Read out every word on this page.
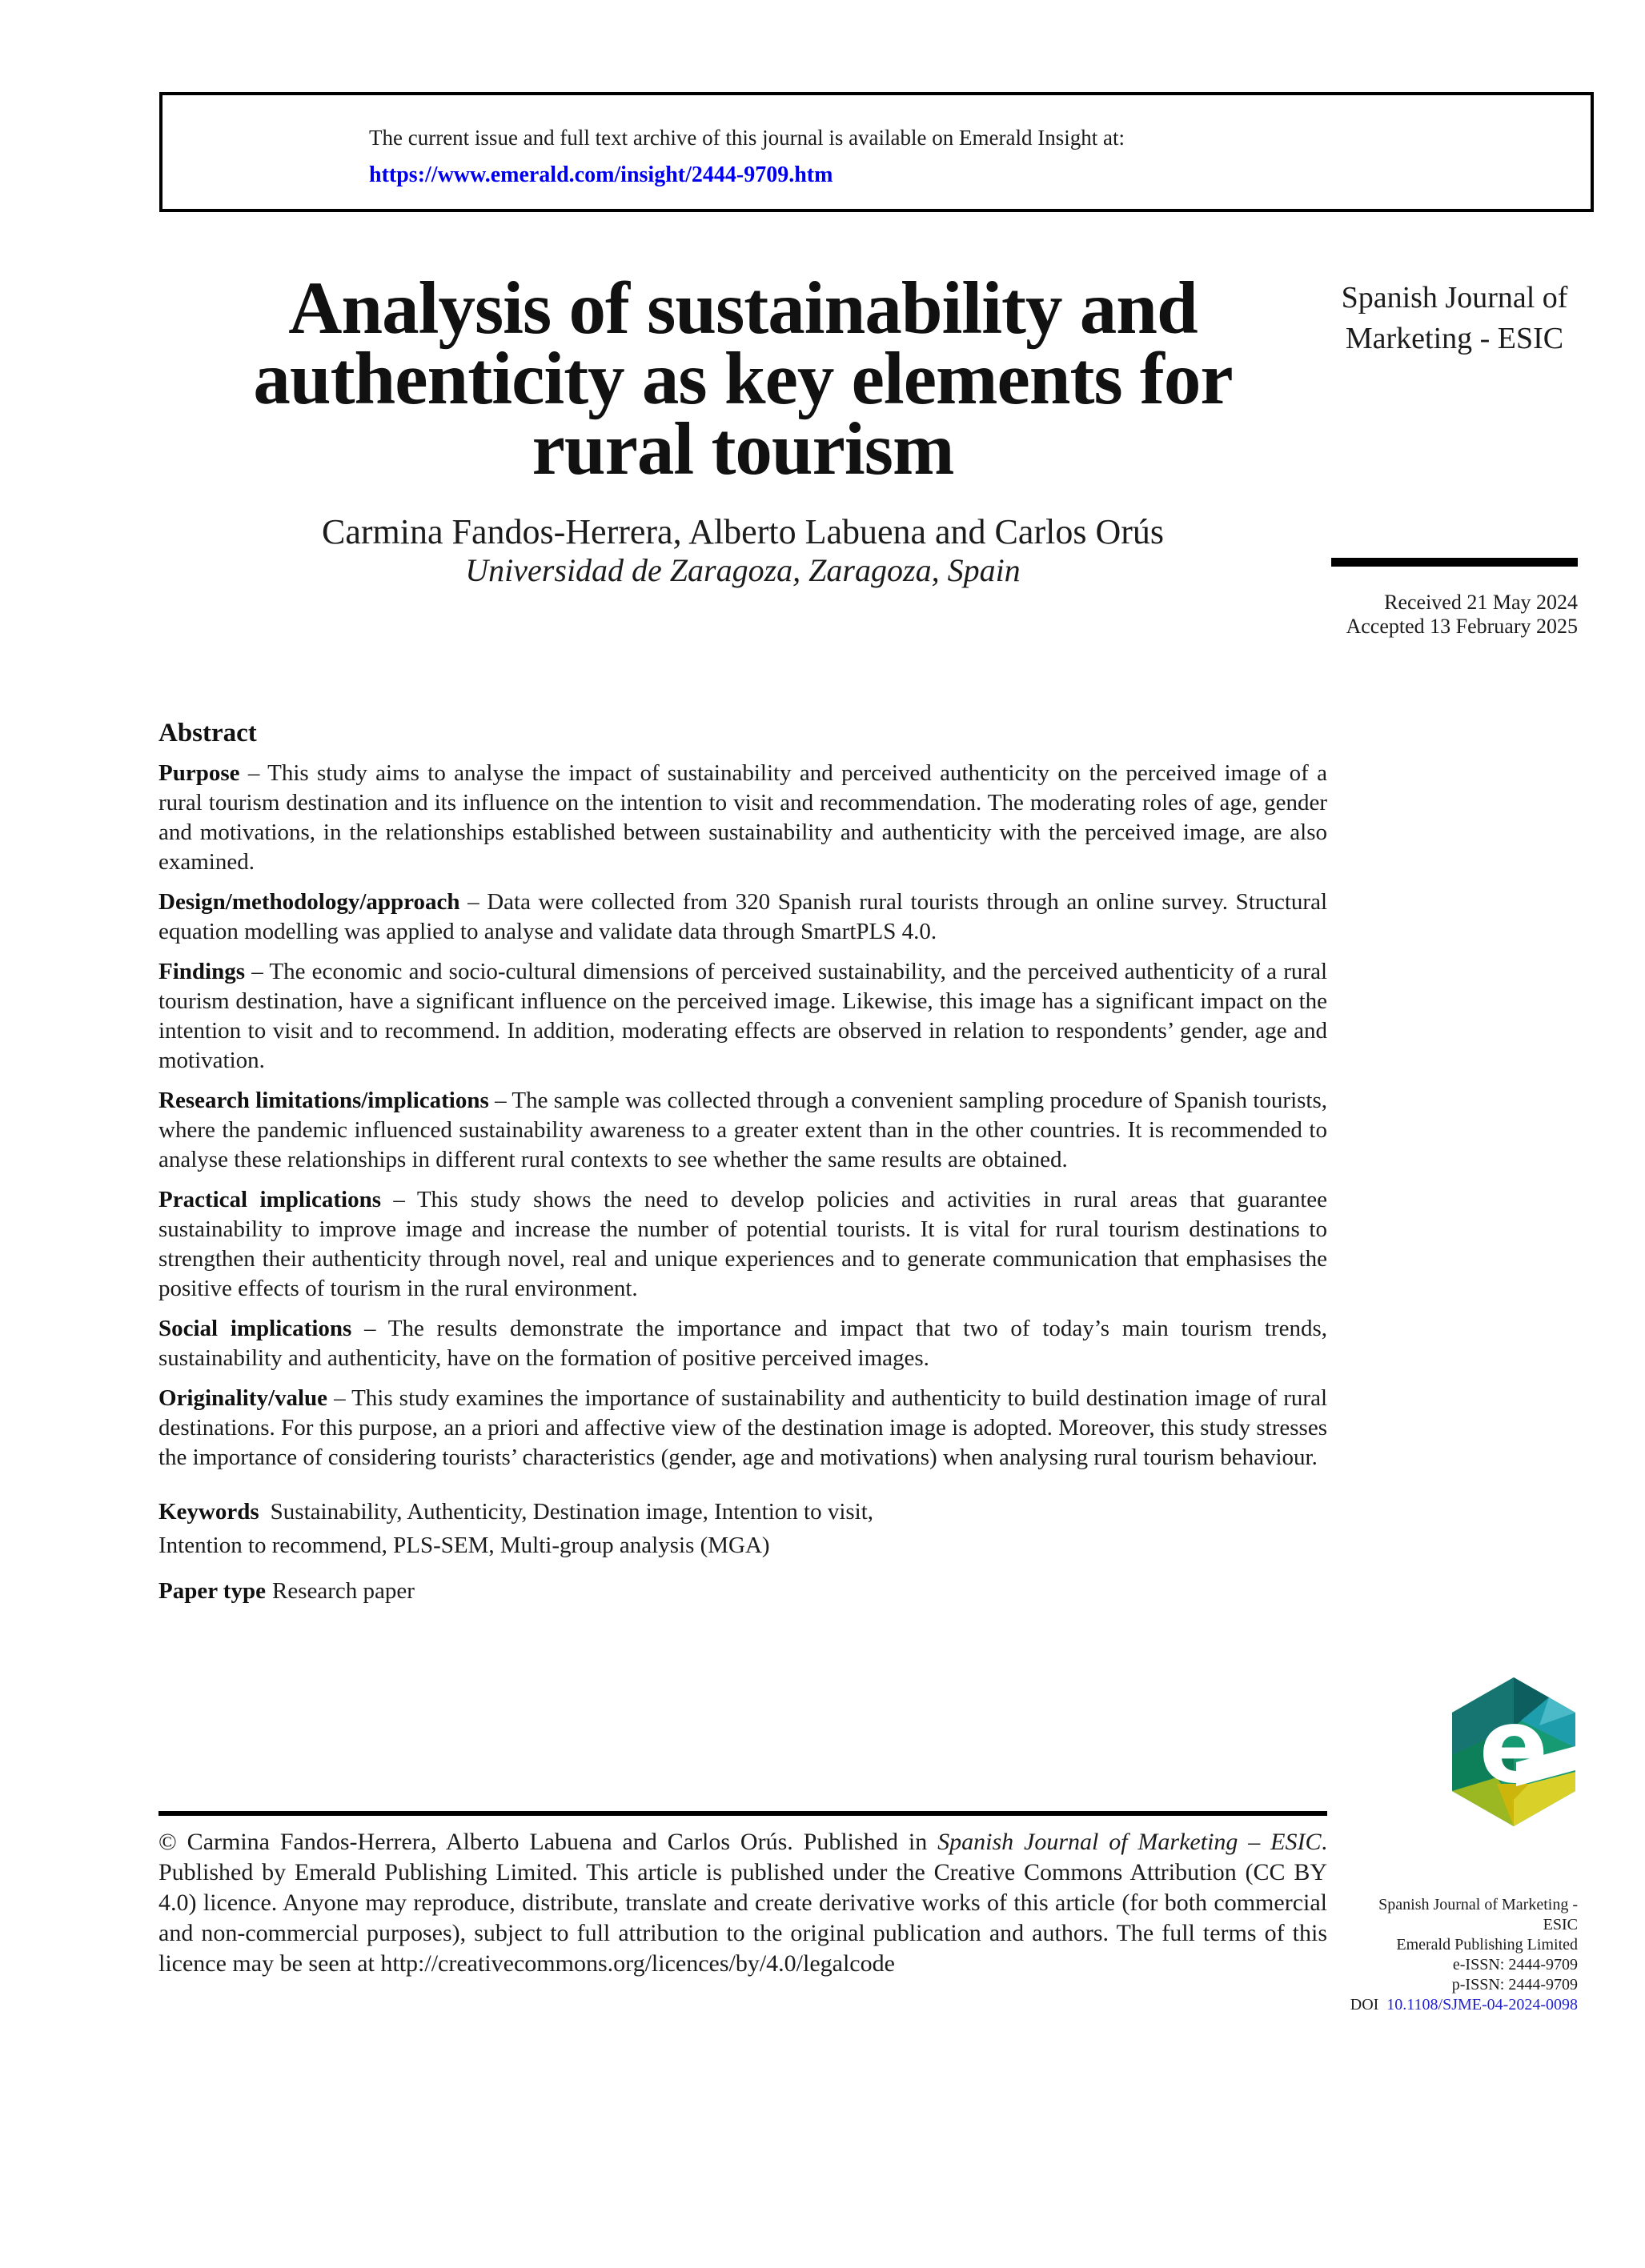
The current issue and full text archive of this journal is available on Emerald Insight at:
https://www.emerald.com/insight/2444-9709.htm
Analysis of sustainability and
authenticity as key elements for
rural tourism
Carmina Fandos-Herrera, Alberto Labuena and Carlos Orús
Universidad de Zaragoza, Zaragoza, Spain
Spanish Journal of
Marketing - ESIC
Received 21 May 2024
Accepted 13 February 2025
Abstract

Purpose – This study aims to analyse the impact of sustainability and perceived authenticity on the perceived image of a rural tourism destination and its influence on the intention to visit and recommendation. The moderating roles of age, gender and motivations, in the relationships established between sustainability and authenticity with the perceived image, are also examined.

Design/methodology/approach – Data were collected from 320 Spanish rural tourists through an online survey. Structural equation modelling was applied to analyse and validate data through SmartPLS 4.0.

Findings – The economic and socio-cultural dimensions of perceived sustainability, and the perceived authenticity of a rural tourism destination, have a significant influence on the perceived image. Likewise, this image has a significant impact on the intention to visit and to recommend. In addition, moderating effects are observed in relation to respondents’ gender, age and motivation.

Research limitations/implications – The sample was collected through a convenient sampling procedure of Spanish tourists, where the pandemic influenced sustainability awareness to a greater extent than in the other countries. It is recommended to analyse these relationships in different rural contexts to see whether the same results are obtained.

Practical implications – This study shows the need to develop policies and activities in rural areas that guarantee sustainability to improve image and increase the number of potential tourists. It is vital for rural tourism destinations to strengthen their authenticity through novel, real and unique experiences and to generate communication that emphasises the positive effects of tourism in the rural environment.

Social implications – The results demonstrate the importance and impact that two of today’s main tourism trends, sustainability and authenticity, have on the formation of positive perceived images.

Originality/value – This study examines the importance of sustainability and authenticity to build destination image of rural destinations. For this purpose, an a priori and affective view of the destination image is adopted. Moreover, this study stresses the importance of considering tourists’ characteristics (gender, age and motivations) when analysing rural tourism behaviour.

Keywords Sustainability, Authenticity, Destination image, Intention to visit,
Intention to recommend, PLS-SEM, Multi-group analysis (MGA)

Paper type Research paper

© Carmina Fandos-Herrera, Alberto Labuena and Carlos Orús. Published in Spanish Journal of Marketing – ESIC. Published by Emerald Publishing Limited. This article is published under the Creative Commons Attribution (CC BY 4.0) licence. Anyone may reproduce, distribute, translate and create derivative works of this article (for both commercial and non-commercial purposes), subject to full attribution to the original publication and authors. The full terms of this licence may be seen at http://creativecommons.org/licences/by/4.0/legalcode
e
Spanish Journal of Marketing -
ESIC
Emerald Publishing Limited
e-ISSN: 2444-9709
p-ISSN: 2444-9709
DOI 10.1108/SJME-04-2024-0098
